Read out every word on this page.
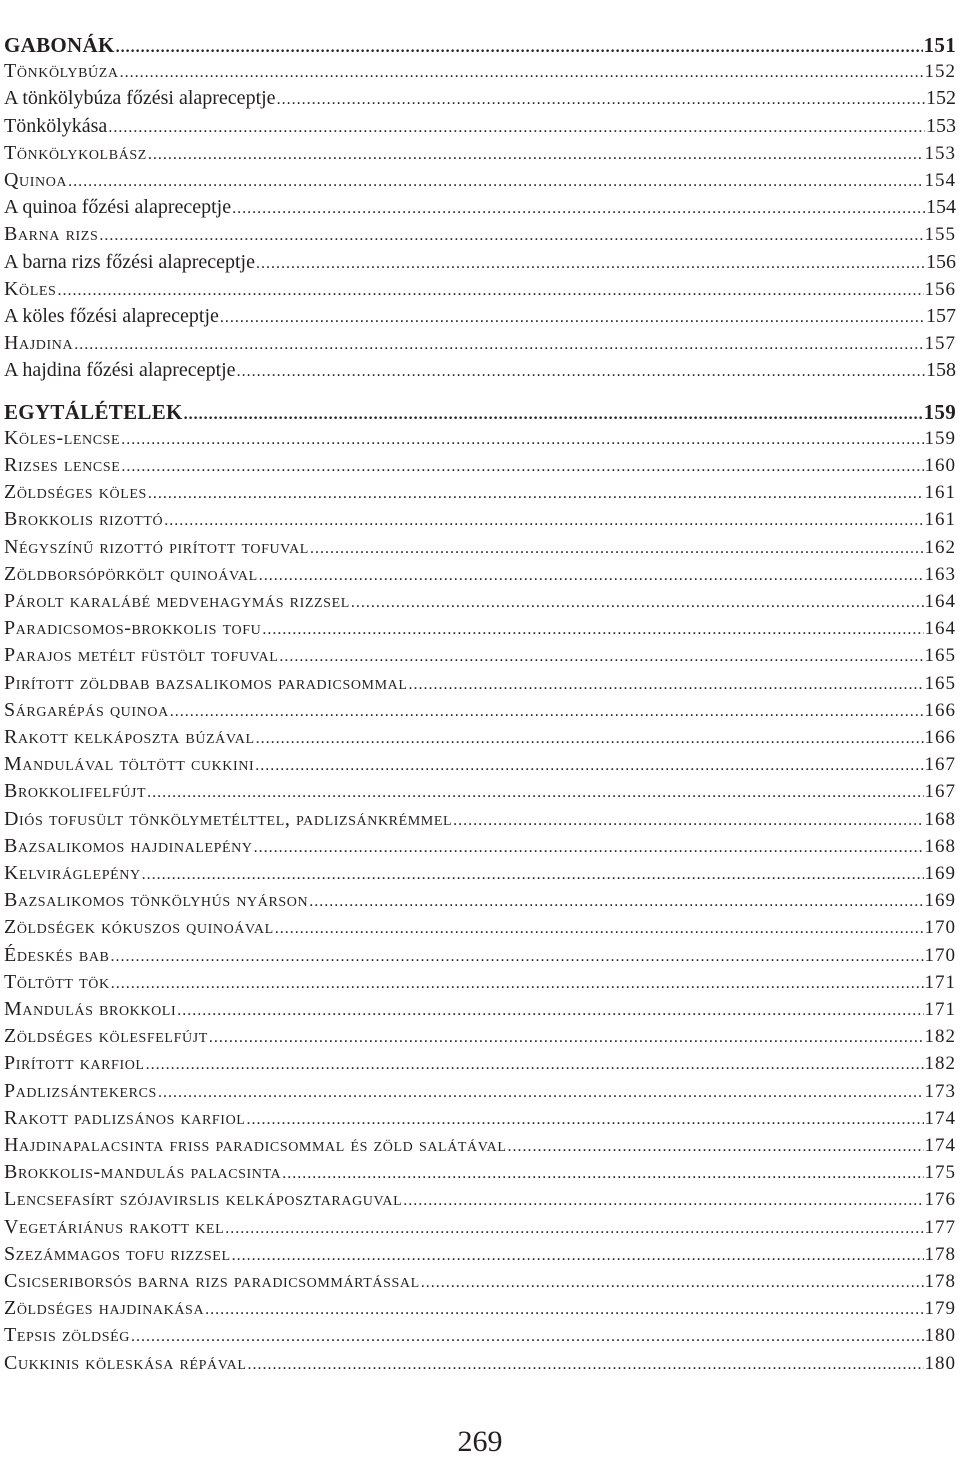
GABONÁK .....	151
Tönkölybúza .....	152
A tönkölybúza főzési alapreceptje .....	152
Tönkölykása .....	153
Tönkölykolbász .....	153
Quinoa .....	154
A quinoa főzési alapreceptje .....	154
Barna rizs .....	155
A barna rizs főzési alapreceptje .....	156
Köles .....	156
A köles főzési alapreceptje .....	157
Hajdina .....	157
A hajdina főzési alapreceptje .....	158
EGYTÁLÉTELEK .....	159
Köles-lencse .....	159
Rizses lencse .....	160
Zöldséges köles .....	161
Brokkolis rizottó .....	161
Négyszínű rizottó pirított tofuval .....	162
Zöldborsópörkölt quinoával .....	163
Párolt karalábé medvehagymás rizzsel .....	164
Paradicsomos-brokkolis tofu .....	164
Parajos metélt füstölt tofuval .....	165
Pirított zöldbab bazsalikomos paradicsommal .....	165
Sárgarépás quinoa .....	166
Rakott kelkáposzta búzával .....	166
Mandulával töltött cukkini .....	167
Brokkolifelfújt .....	167
Diós tofusült tönkölymetélttel, padlizsánkrémmel .....	168
Bazsalikomos hajdinalepény .....	168
Kelviráglepény .....	169
Bazsalikomos tönkölyhús nyárson .....	169
Zöldségek kókuszos quinoával .....	170
Édeskés bab .....	170
Töltött tök .....	171
Mandulás brokkoli .....	171
Zöldséges kölesfelfújt .....	182
Pirított karfiol .....	182
Padlizsántekercs .....	173
Rakott padlizsános karfiol .....	174
Hajdinapalacsinta friss paradicsommal és zöld salátával .....	174
Brokkolis-mandulás palacsinta .....	175
Lencsefasírt szójavirslis kelkáposztaraguval .....	176
Vegetáriánus rakott kel .....	177
Szezámmagos tofu rizzsel .....	178
Csicseriborsós barna rizs paradicsommártással .....	178
Zöldséges hajdinakása .....	179
Tepsis zöldség .....	180
Cukkinis köleskása répával .....	180
269
